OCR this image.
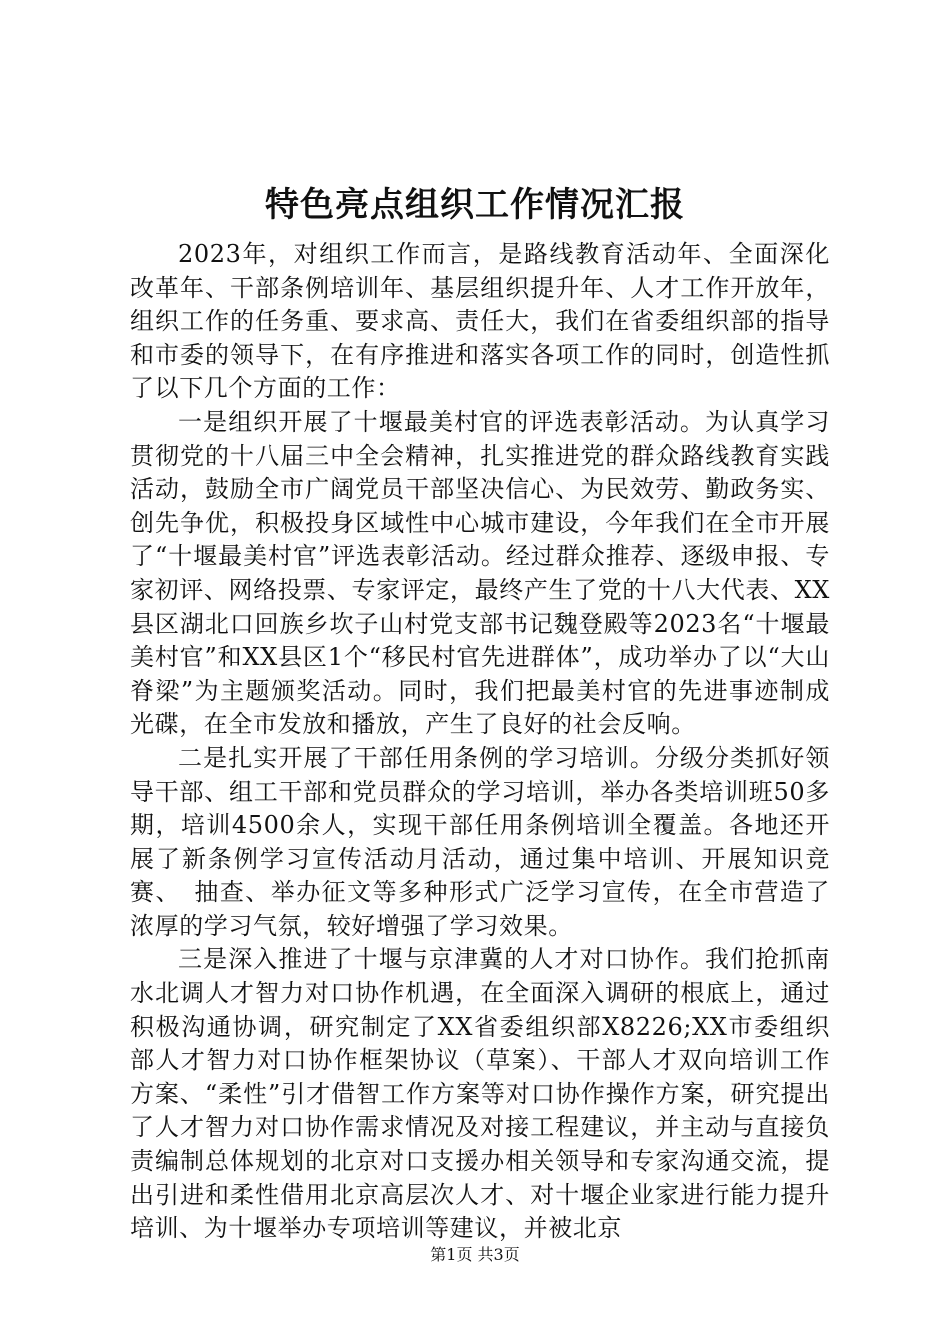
特色亮点组织工作情况汇报

2023年，对组织工作而言，是路线教育活动年、全面深化改革年、干部条例培训年、基层组织提升年、人才工作开放年，组织工作的任务重、要求高、责任大，我们在省委组织部的指导和市委的领导下，在有序推进和落实各项工作的同时，创造性抓了以下几个方面的工作：

一是组织开展了十堰最美村官的评选表彰活动。为认真学习贯彻党的十八届三中全会精神，扎实推进党的群众路线教育实践活动，鼓励全市广阔党员干部坚决信心、为民效劳、勤政务实、创先争优，积极投身区域性中心城市建设，今年我们在全市开展了“十堰最美村官”评选表彰活动。经过群众推荐、逐级申报、专家初评、网络投票、专家评定，最终产生了党的十八大代表、XX县区湖北口回族乡坎子山村党支部书记魏登殿等2023名“十堰最美村官”和XX县区1个“移民村官先进群体”，成功举办了以“大山脊梁”为主题颁奖活动。同时，我们把最美村官的先进事迹制成光碟，在全市发放和播放，产生了良好的社会反响。

二是扎实开展了干部任用条例的学习培训。分级分类抓好领导干部、组工干部和党员群众的学习培训，举办各类培训班50多期，培训4500余人，实现干部任用条例培训全覆盖。各地还开展了新条例学习宣传活动月活动，通过集中培训、开展知识竞赛、　抽查、举办征文等多种形式广泛学习宣传，在全市营造了浓厚的学习气氛，较好增强了学习效果。

三是深入推进了十堰与京津冀的人才对口协作。我们抢抓南水北调人才智力对口协作机遇，在全面深入调研的根底上，通过积极沟通协调，研究制定了XX省委组织部X8226;XX市委组织部人才智力对口协作框架协议（草案）、干部人才双向培训工作方案、“柔性”引才借智工作方案等对口协作操作方案，研究提出了人才智力对口协作需求情况及对接工程建议，并主动与直接负责编制总体规划的北京对口支援办相关领导和专家沟通交流，提出引进和柔性借用北京高层次人才、对十堰企业家进行能力提升培训、为十堰举办专项培训等建议，并被北京

第1页 共3页
